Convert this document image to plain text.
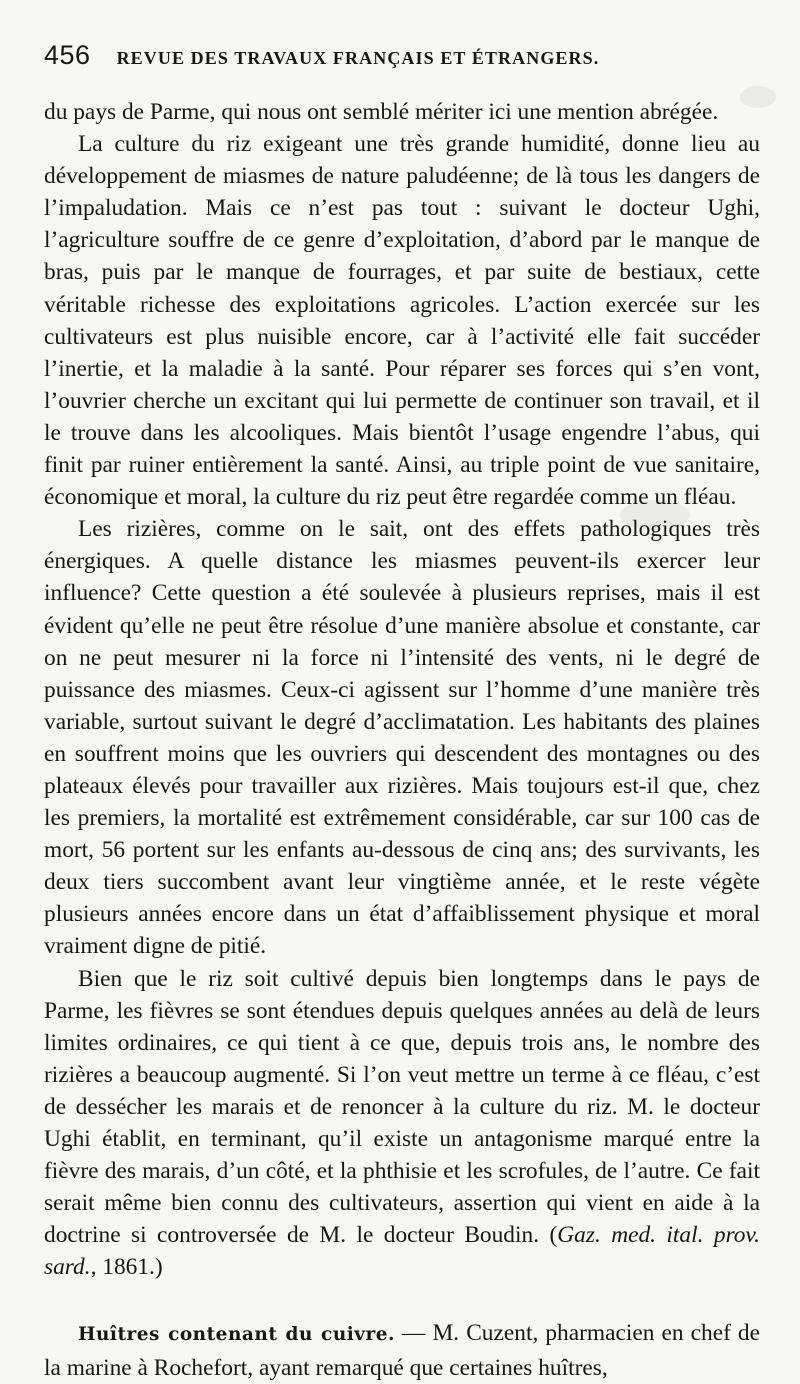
456 REVUE DES TRAVAUX FRANÇAIS ET ÉTRANGERS.

du pays de Parme, qui nous ont semblé mériter ici une mention abrégée.

La culture du riz exigeant une très grande humidité, donne lieu au développement de miasmes de nature paludéenne; de là tous les dangers de l’impaludation. Mais ce n’est pas tout : suivant le docteur Ughi, l’agriculture souffre de ce genre d’exploitation, d’abord par le manque de bras, puis par le manque de fourrages, et par suite de bestiaux, cette véritable richesse des exploitations agricoles. L’action exercée sur les cultivateurs est plus nuisible encore, car à l’activité elle fait succéder l’inertie, et la maladie à la santé. Pour réparer ses forces qui s’en vont, l’ouvrier cherche un excitant qui lui permette de continuer son travail, et il le trouve dans les alcooliques. Mais bientôt l’usage engendre l’abus, qui finit par ruiner entièrement la santé. Ainsi, au triple point de vue sanitaire, économique et moral, la culture du riz peut être regardée comme un fléau.

Les rizières, comme on le sait, ont des effets pathologiques très énergiques. A quelle distance les miasmes peuvent-ils exercer leur influence? Cette question a été soulevée à plusieurs reprises, mais il est évident qu’elle ne peut être résolue d’une manière absolue et constante, car on ne peut mesurer ni la force ni l’intensité des vents, ni le degré de puissance des miasmes. Ceux-ci agissent sur l’homme d’une manière très variable, surtout suivant le degré d’acclimatation. Les habitants des plaines en souffrent moins que les ouvriers qui descendent des montagnes ou des plateaux élevés pour travailler aux rizières. Mais toujours est-il que, chez les premiers, la mortalité est extrêmement considérable, car sur 100 cas de mort, 56 portent sur les enfants au-dessous de cinq ans; des survivants, les deux tiers succombent avant leur vingtième année, et le reste végète plusieurs années encore dans un état d’affaiblissement physique et moral vraiment digne de pitié.

Bien que le riz soit cultivé depuis bien longtemps dans le pays de Parme, les fièvres se sont étendues depuis quelques années au delà de leurs limites ordinaires, ce qui tient à ce que, depuis trois ans, le nombre des rizières a beaucoup augmenté. Si l’on veut mettre un terme à ce fléau, c’est de dessécher les marais et de renoncer à la culture du riz. M. le docteur Ughi établit, en terminant, qu’il existe un antagonisme marqué entre la fièvre des marais, d’un côté, et la phthisie et les scrofules, de l’autre. Ce fait serait même bien connu des cultivateurs, assertion qui vient en aide à la doctrine si controversée de M. le docteur Boudin. (Gaz. med. ital. prov. sard., 1861.)

Huîtres contenant du cuivre. — M. Cuzent, pharmacien en chef de la marine à Rochefort, ayant remarqué que certaines huîtres,
